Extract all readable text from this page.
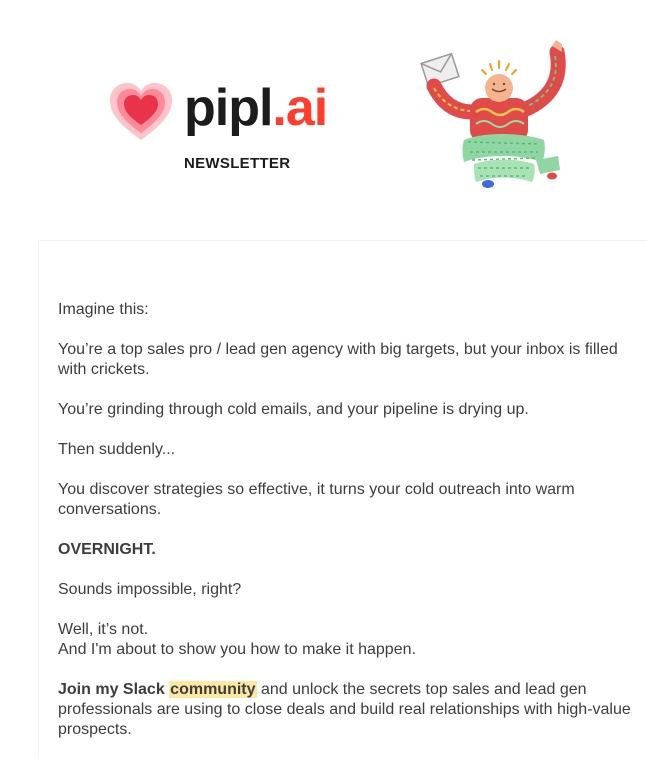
pipl.ai
NEWSLETTER

Imagine this:

You’re a top sales pro / lead gen agency with big targets, but your inbox is filled with crickets.

You’re grinding through cold emails, and your pipeline is drying up.

Then suddenly...

You discover strategies so effective, it turns your cold outreach into warm conversations.

OVERNIGHT.

Sounds impossible, right?

Well, it’s not.
And I'm about to show you how to make it happen.

Join my Slack community and unlock the secrets top sales and lead gen professionals are using to close deals and build real relationships with high-value prospects.
